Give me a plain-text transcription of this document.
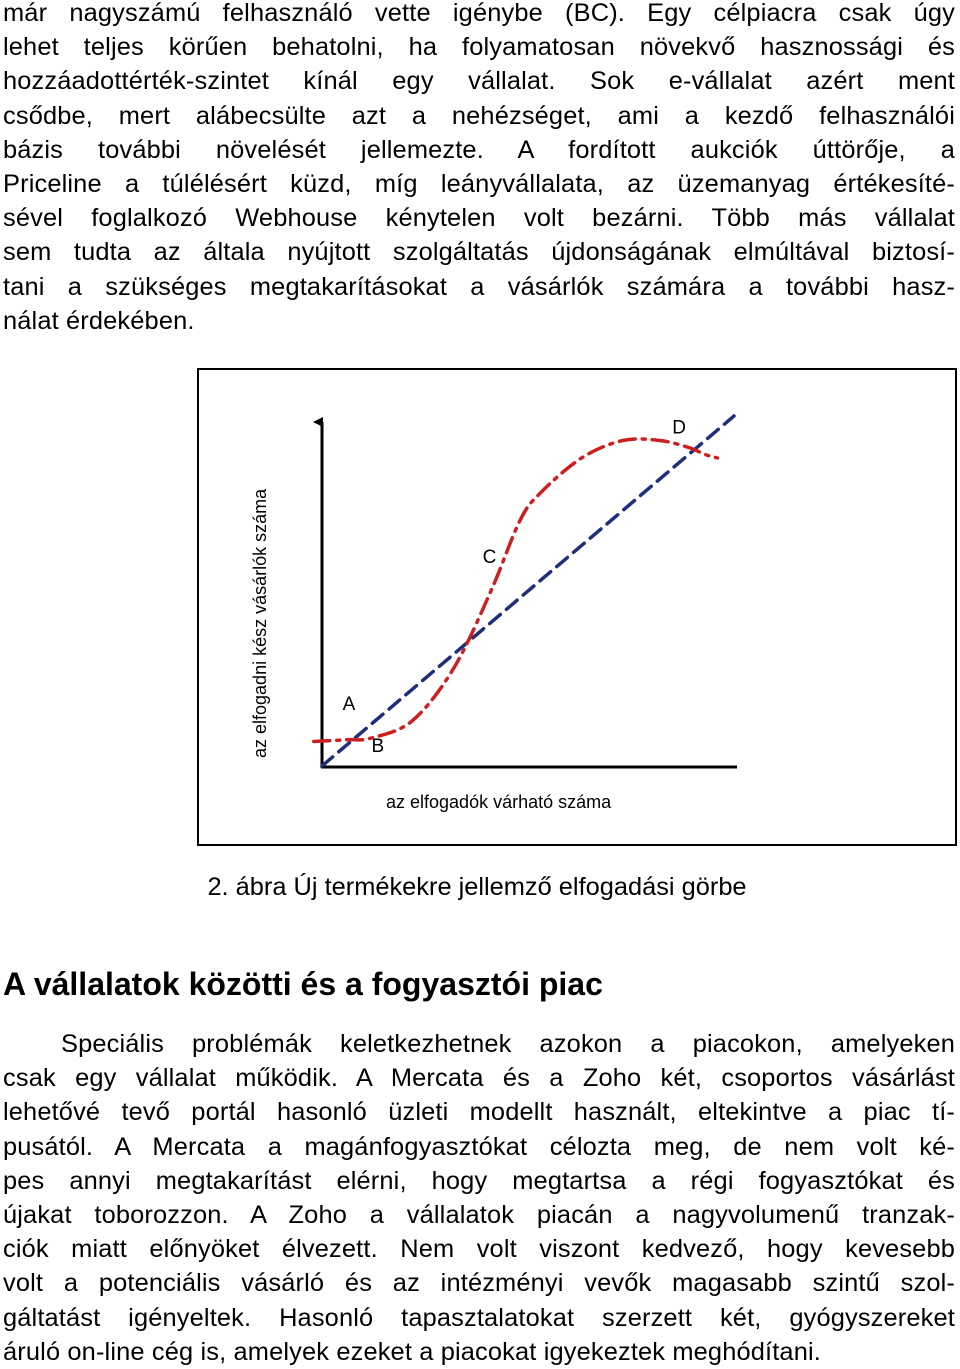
már nagyszámú felhasználó vette igénybe (BC). Egy célpiacra csak úgy
lehet teljes körűen behatolni, ha folyamatosan növekvő hasznossági és
hozzáadottérték-szintet kínál egy vállalat. Sok e-vállalat azért ment
csődbe, mert alábecsülte azt a nehézséget, ami a kezdő felhasználói
bázis további növelését jellemezte. A fordított aukciók úttörője, a
Priceline a túlélésért küzd, míg leányvállalata, az üzemanyag értékesíté-
sével foglalkozó Webhouse kénytelen volt bezárni. Több más vállalat
sem tudta az általa nyújtott szolgáltatás újdonságának elmúltával biztosí-
tani a szükséges megtakarításokat a vásárlók számára a további hasz-
nálat érdekében.
A
B
C
D
az elfogadni kész vásárlók száma
az elfogadók várható száma
2. ábra Új termékekre jellemző elfogadási görbe
A vállalatok közötti és a fogyasztói piac
Speciális problémák keletkezhetnek azokon a piacokon, amelyeken
csak egy vállalat működik. A Mercata és a Zoho két, csoportos vásárlást
lehetővé tevő portál hasonló üzleti modellt használt, eltekintve a piac tí-
pusától. A Mercata a magánfogyasztókat célozta meg, de nem volt ké-
pes annyi megtakarítást elérni, hogy megtartsa a régi fogyasztókat és
újakat toborozzon. A Zoho a vállalatok piacán a nagyvolumenű tranzak-
ciók miatt előnyöket élvezett. Nem volt viszont kedvező, hogy kevesebb
volt a potenciális vásárló és az intézményi vevők magasabb szintű szol-
gáltatást igényeltek. Hasonló tapasztalatokat szerzett két, gyógyszereket
áruló on-line cég is, amelyek ezeket a piacokat igyekeztek meghódítani.
